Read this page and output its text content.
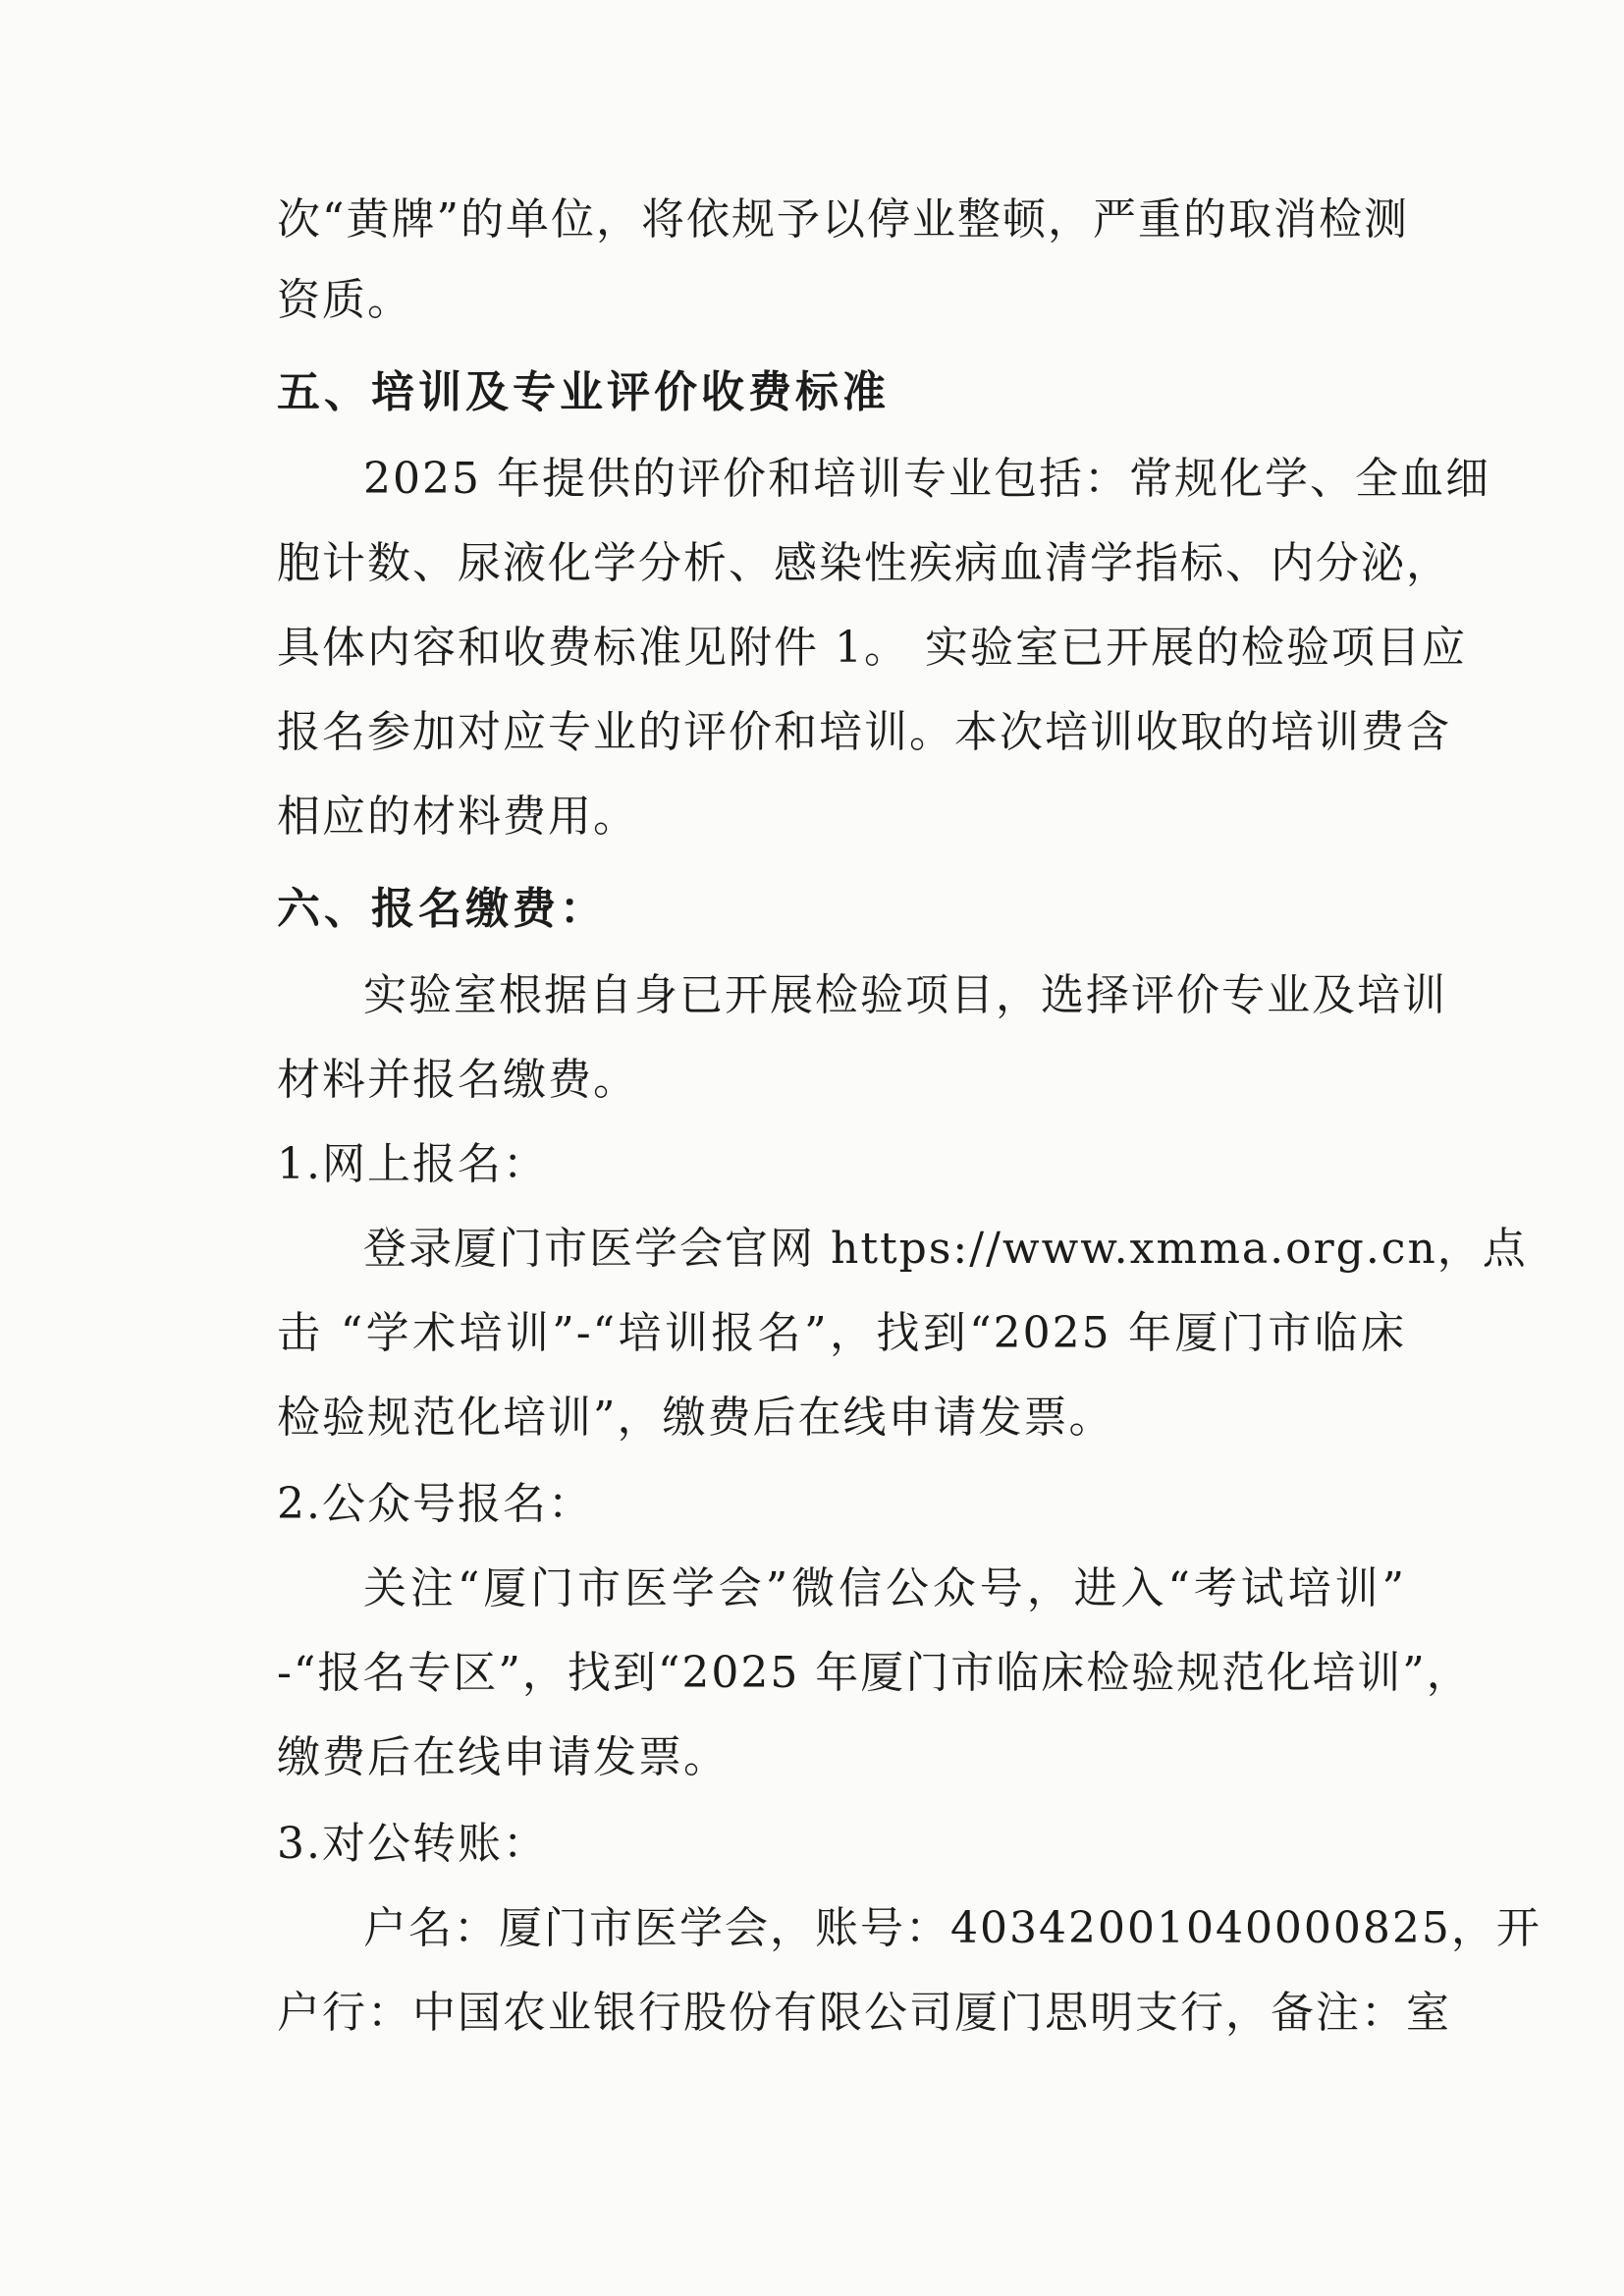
次“黄牌”的单位，将依规予以停业整顿，严重的取消检测
资质。
五、培训及专业评价收费标准
2025 年提供的评价和培训专业包括：常规化学、全血细
胞计数、尿液化学分析、感染性疾病血清学指标、内分泌，
具体内容和收费标准见附件 1。 实验室已开展的检验项目应
报名参加对应专业的评价和培训。本次培训收取的培训费含
相应的材料费用。
六、报名缴费：
实验室根据自身已开展检验项目，选择评价专业及培训
材料并报名缴费。
1.网上报名：
登录厦门市医学会官网 https://www.xmma.org.cn，点
击 “学术培训”-“培训报名”，找到“2025 年厦门市临床
检验规范化培训”，缴费后在线申请发票。
2.公众号报名：
关注“厦门市医学会”微信公众号，进入“考试培训”
-“报名专区”，找到“2025 年厦门市临床检验规范化培训”，
缴费后在线申请发票。
3.对公转账：
户名：厦门市医学会，账号：40342001040000825，开
户行：中国农业银行股份有限公司厦门思明支行，备注：室
